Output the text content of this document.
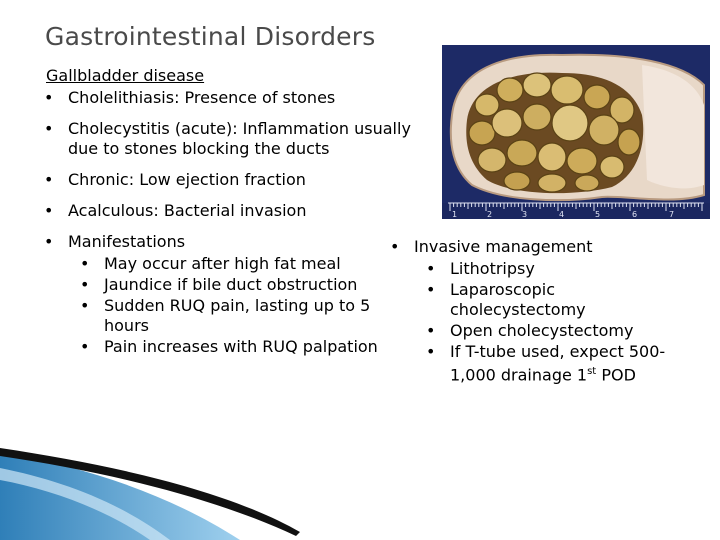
Gastrointestinal Disorders
Gallbladder disease
• Cholelithiasis: Presence of stones
• Cholecystitis (acute): Inflammation usually due to stones blocking the ducts
• Chronic: Low ejection fraction
• Acalculous: Bacterial invasion
• Manifestations
• May occur after high fat meal
• Jaundice if bile duct obstruction
• Sudden RUQ pain, lasting up to 5 hours
• Pain increases with RUQ palpation
• Invasive management
• Lithotripsy
• Laparoscopic cholecystectomy
• Open cholecystectomy
• If T-tube used, expect 500-1,000 drainage 1st POD
1	2	3	4	5	6	7
